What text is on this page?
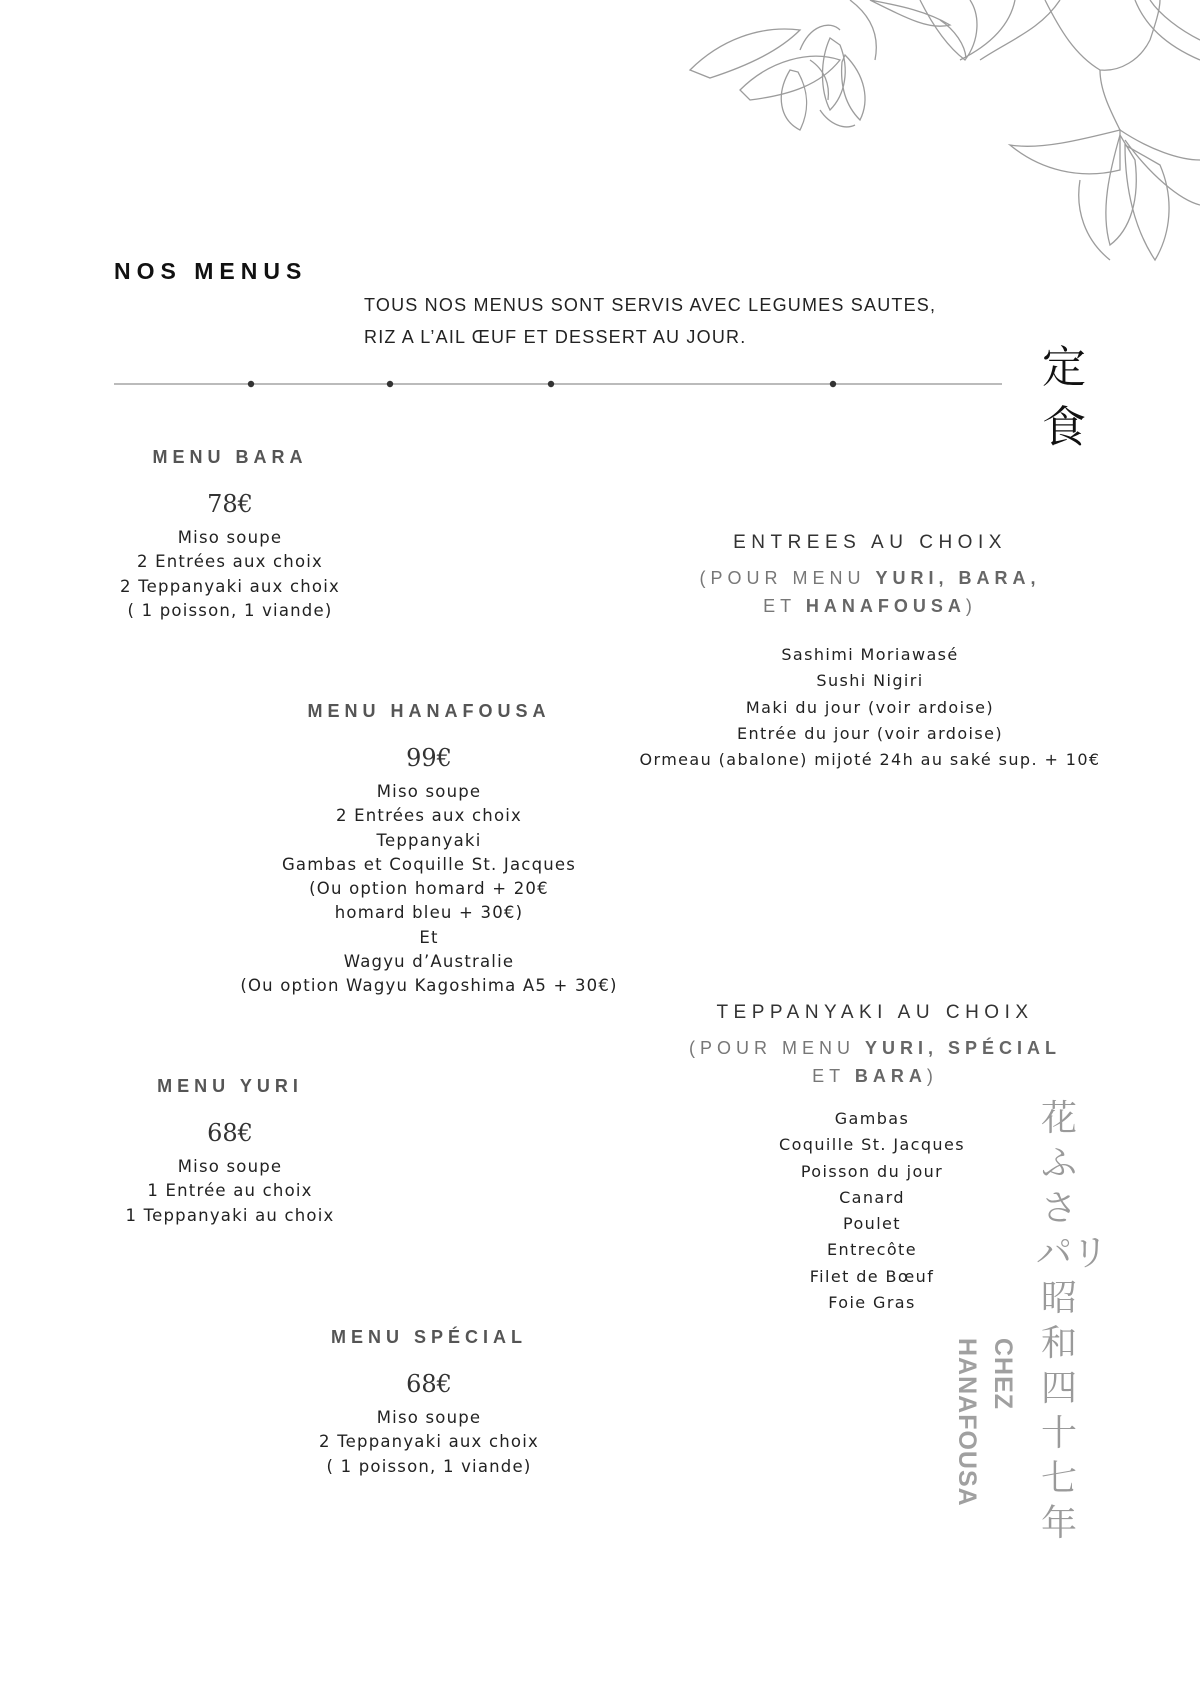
NOS MENUS
TOUS NOS MENUS SONT SERVIS AVEC LEGUMES SAUTES,
RIZ A L’AIL ŒUF ET DESSERT AU JOUR.
定
食
MENU BARA
78€
Miso soupe
2 Entrées aux choix
2 Teppanyaki aux choix
( 1 poisson, 1 viande)
MENU HANAFOUSA
99€
Miso soupe
2 Entrées aux choix
Teppanyaki
Gambas et Coquille St. Jacques
(Ou option homard + 20€
homard bleu + 30€)
Et
Wagyu d’Australie
(Ou option Wagyu Kagoshima A5 + 30€)
MENU YURI
68€
Miso soupe
1 Entrée au choix
1 Teppanyaki au choix
MENU SPÉCIAL
68€
Miso soupe
2 Teppanyaki aux choix
( 1 poisson, 1 viande)
ENTREES AU CHOIX
(POUR MENU YURI, BARA,
ET HANAFOUSA)
Sashimi Moriawasé
Sushi Nigiri
Maki du jour (voir ardoise)
Entrée du jour (voir ardoise)
Ormeau (abalone) mijoté 24h au saké sup. + 10€
TEPPANYAKI AU CHOIX
(POUR MENU YURI, SPÉCIAL
ET BARA)
Gambas
Coquille St. Jacques
Poisson du jour
Canard
Poulet
Entrecôte
Filet de Bœuf
Foie Gras
花
ふ
さ
パリ
昭
和
四
十
七
年
CHEZ HANAFOUSA
